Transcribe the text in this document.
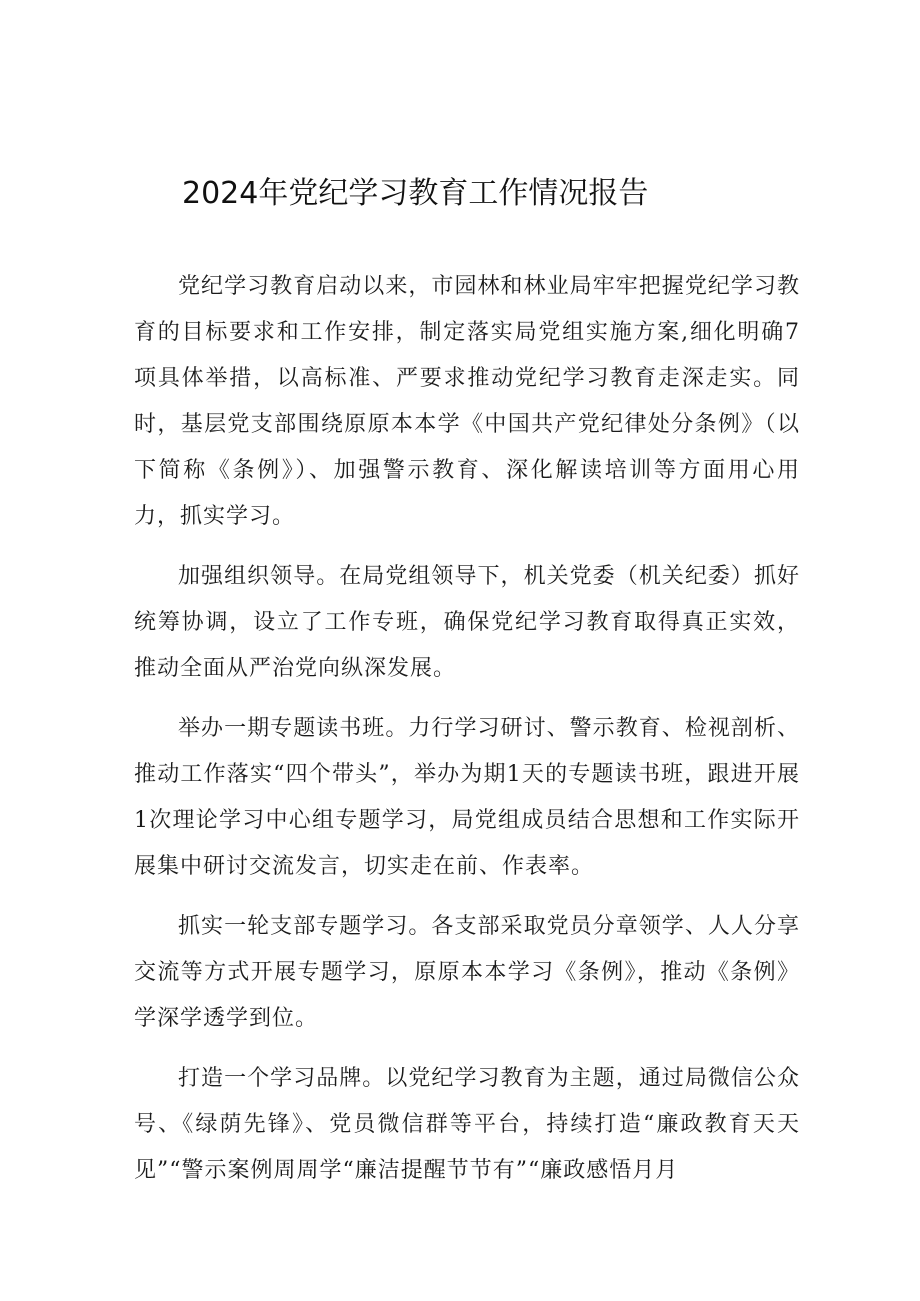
2024年党纪学习教育工作情况报告

党纪学习教育启动以来，市园林和林业局牢牢把握党纪学习教育的目标要求和工作安排，制定落实局党组实施方案,细化明确7项具体举措，以高标准、严要求推动党纪学习教育走深走实。同时，基层党支部围绕原原本本学《中国共产党纪律处分条例》（以下简称《条例》）、加强警示教育、深化解读培训等方面用心用力，抓实学习。

加强组织领导。在局党组领导下，机关党委（机关纪委）抓好统筹协调，设立了工作专班，确保党纪学习教育取得真正实效，推动全面从严治党向纵深发展。

举办一期专题读书班。力行学习研讨、警示教育、检视剖析、推动工作落实“四个带头”，举办为期1天的专题读书班，跟进开展1次理论学习中心组专题学习，局党组成员结合思想和工作实际开展集中研讨交流发言，切实走在前、作表率。

抓实一轮支部专题学习。各支部采取党员分章领学、人人分享交流等方式开展专题学习，原原本本学习《条例》，推动《条例》学深学透学到位。

打造一个学习品牌。以党纪学习教育为主题，通过局微信公众号、《绿荫先锋》、党员微信群等平台，持续打造“廉政教育天天见”“警示案例周周学“廉洁提醒节节有”“廉政感悟月月
